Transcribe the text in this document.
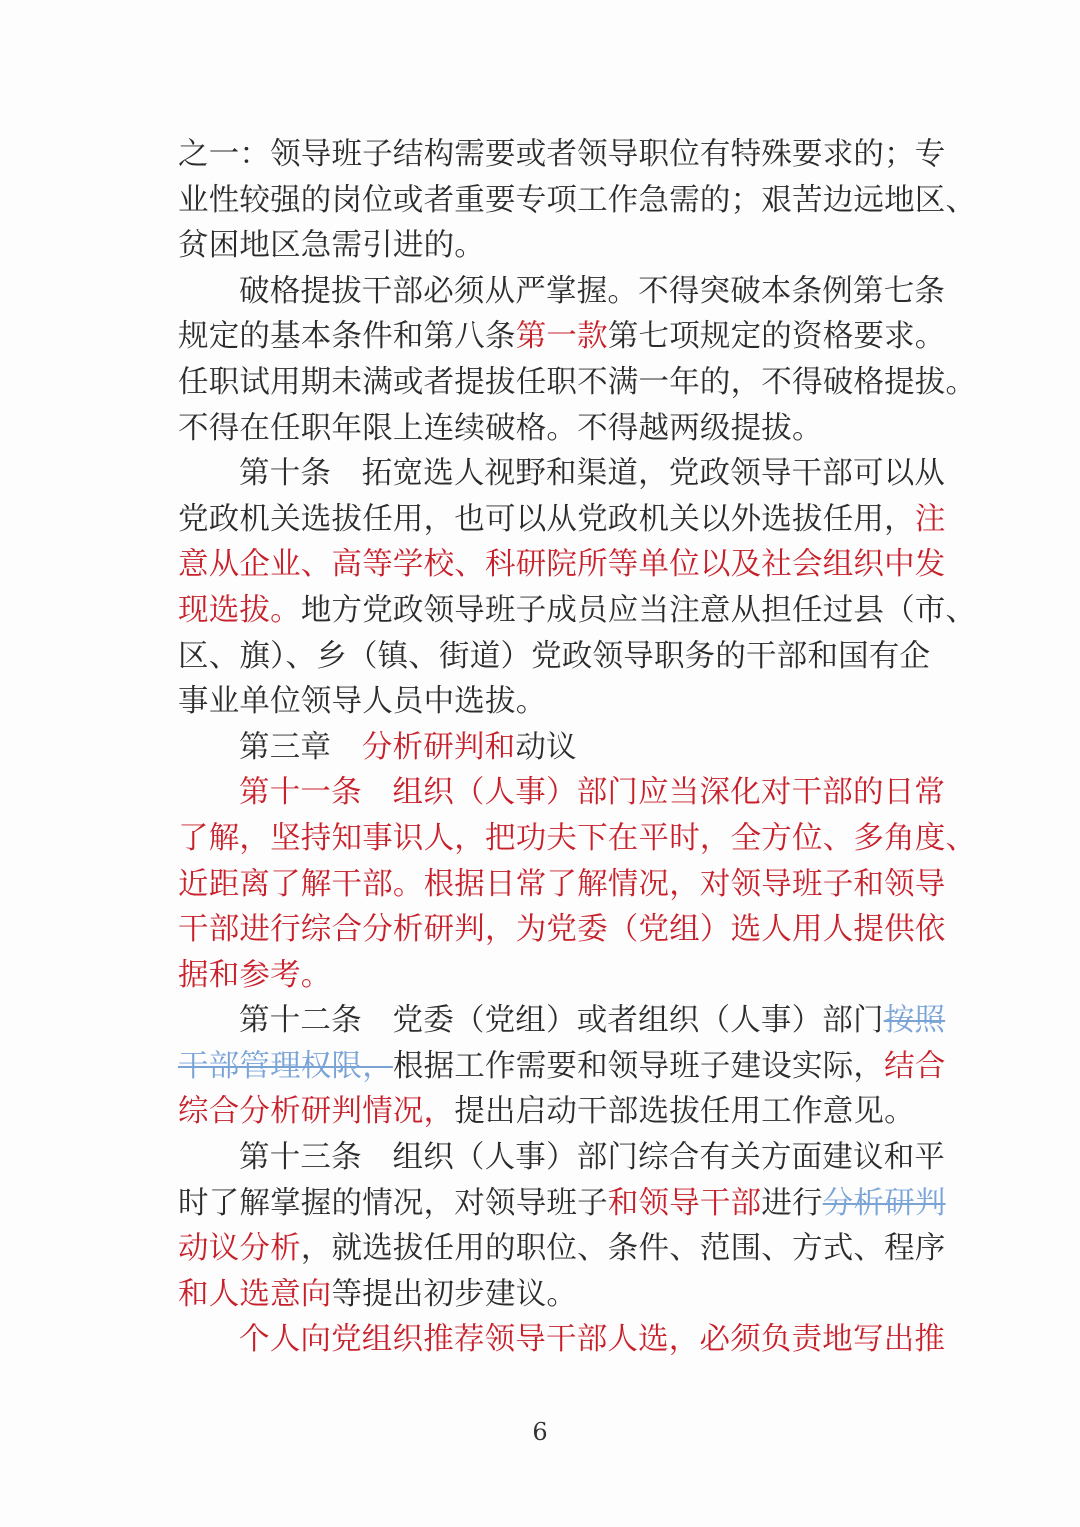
之一：领导班子结构需要或者领导职位有特殊要求的；专
业性较强的岗位或者重要专项工作急需的；艰苦边远地区、
贫困地区急需引进的。
破格提拔干部必须从严掌握。不得突破本条例第七条
规定的基本条件和第八条第一款第七项规定的资格要求。
任职试用期未满或者提拔任职不满一年的，不得破格提拔。
不得在任职年限上连续破格。不得越两级提拔。
第十条　拓宽选人视野和渠道，党政领导干部可以从
党政机关选拔任用，也可以从党政机关以外选拔任用，注
意从企业、高等学校、科研院所等单位以及社会组织中发
现选拔。地方党政领导班子成员应当注意从担任过县（市、
区、旗）、乡（镇、街道）党政领导职务的干部和国有企
事业单位领导人员中选拔。
第三章　分析研判和动议
第十一条　组织（人事）部门应当深化对干部的日常
了解，坚持知事识人，把功夫下在平时，全方位、多角度、
近距离了解干部。根据日常了解情况，对领导班子和领导
干部进行综合分析研判，为党委（党组）选人用人提供依
据和参考。
第十二条　党委（党组）或者组织（人事）部门按照
干部管理权限，根据工作需要和领导班子建设实际，结合
综合分析研判情况，提出启动干部选拔任用工作意见。
第十三条　组织（人事）部门综合有关方面建议和平
时了解掌握的情况，对领导班子和领导干部进行分析研判
动议分析，就选拔任用的职位、条件、范围、方式、程序
和人选意向等提出初步建议。
个人向党组织推荐领导干部人选，必须负责地写出推
6
